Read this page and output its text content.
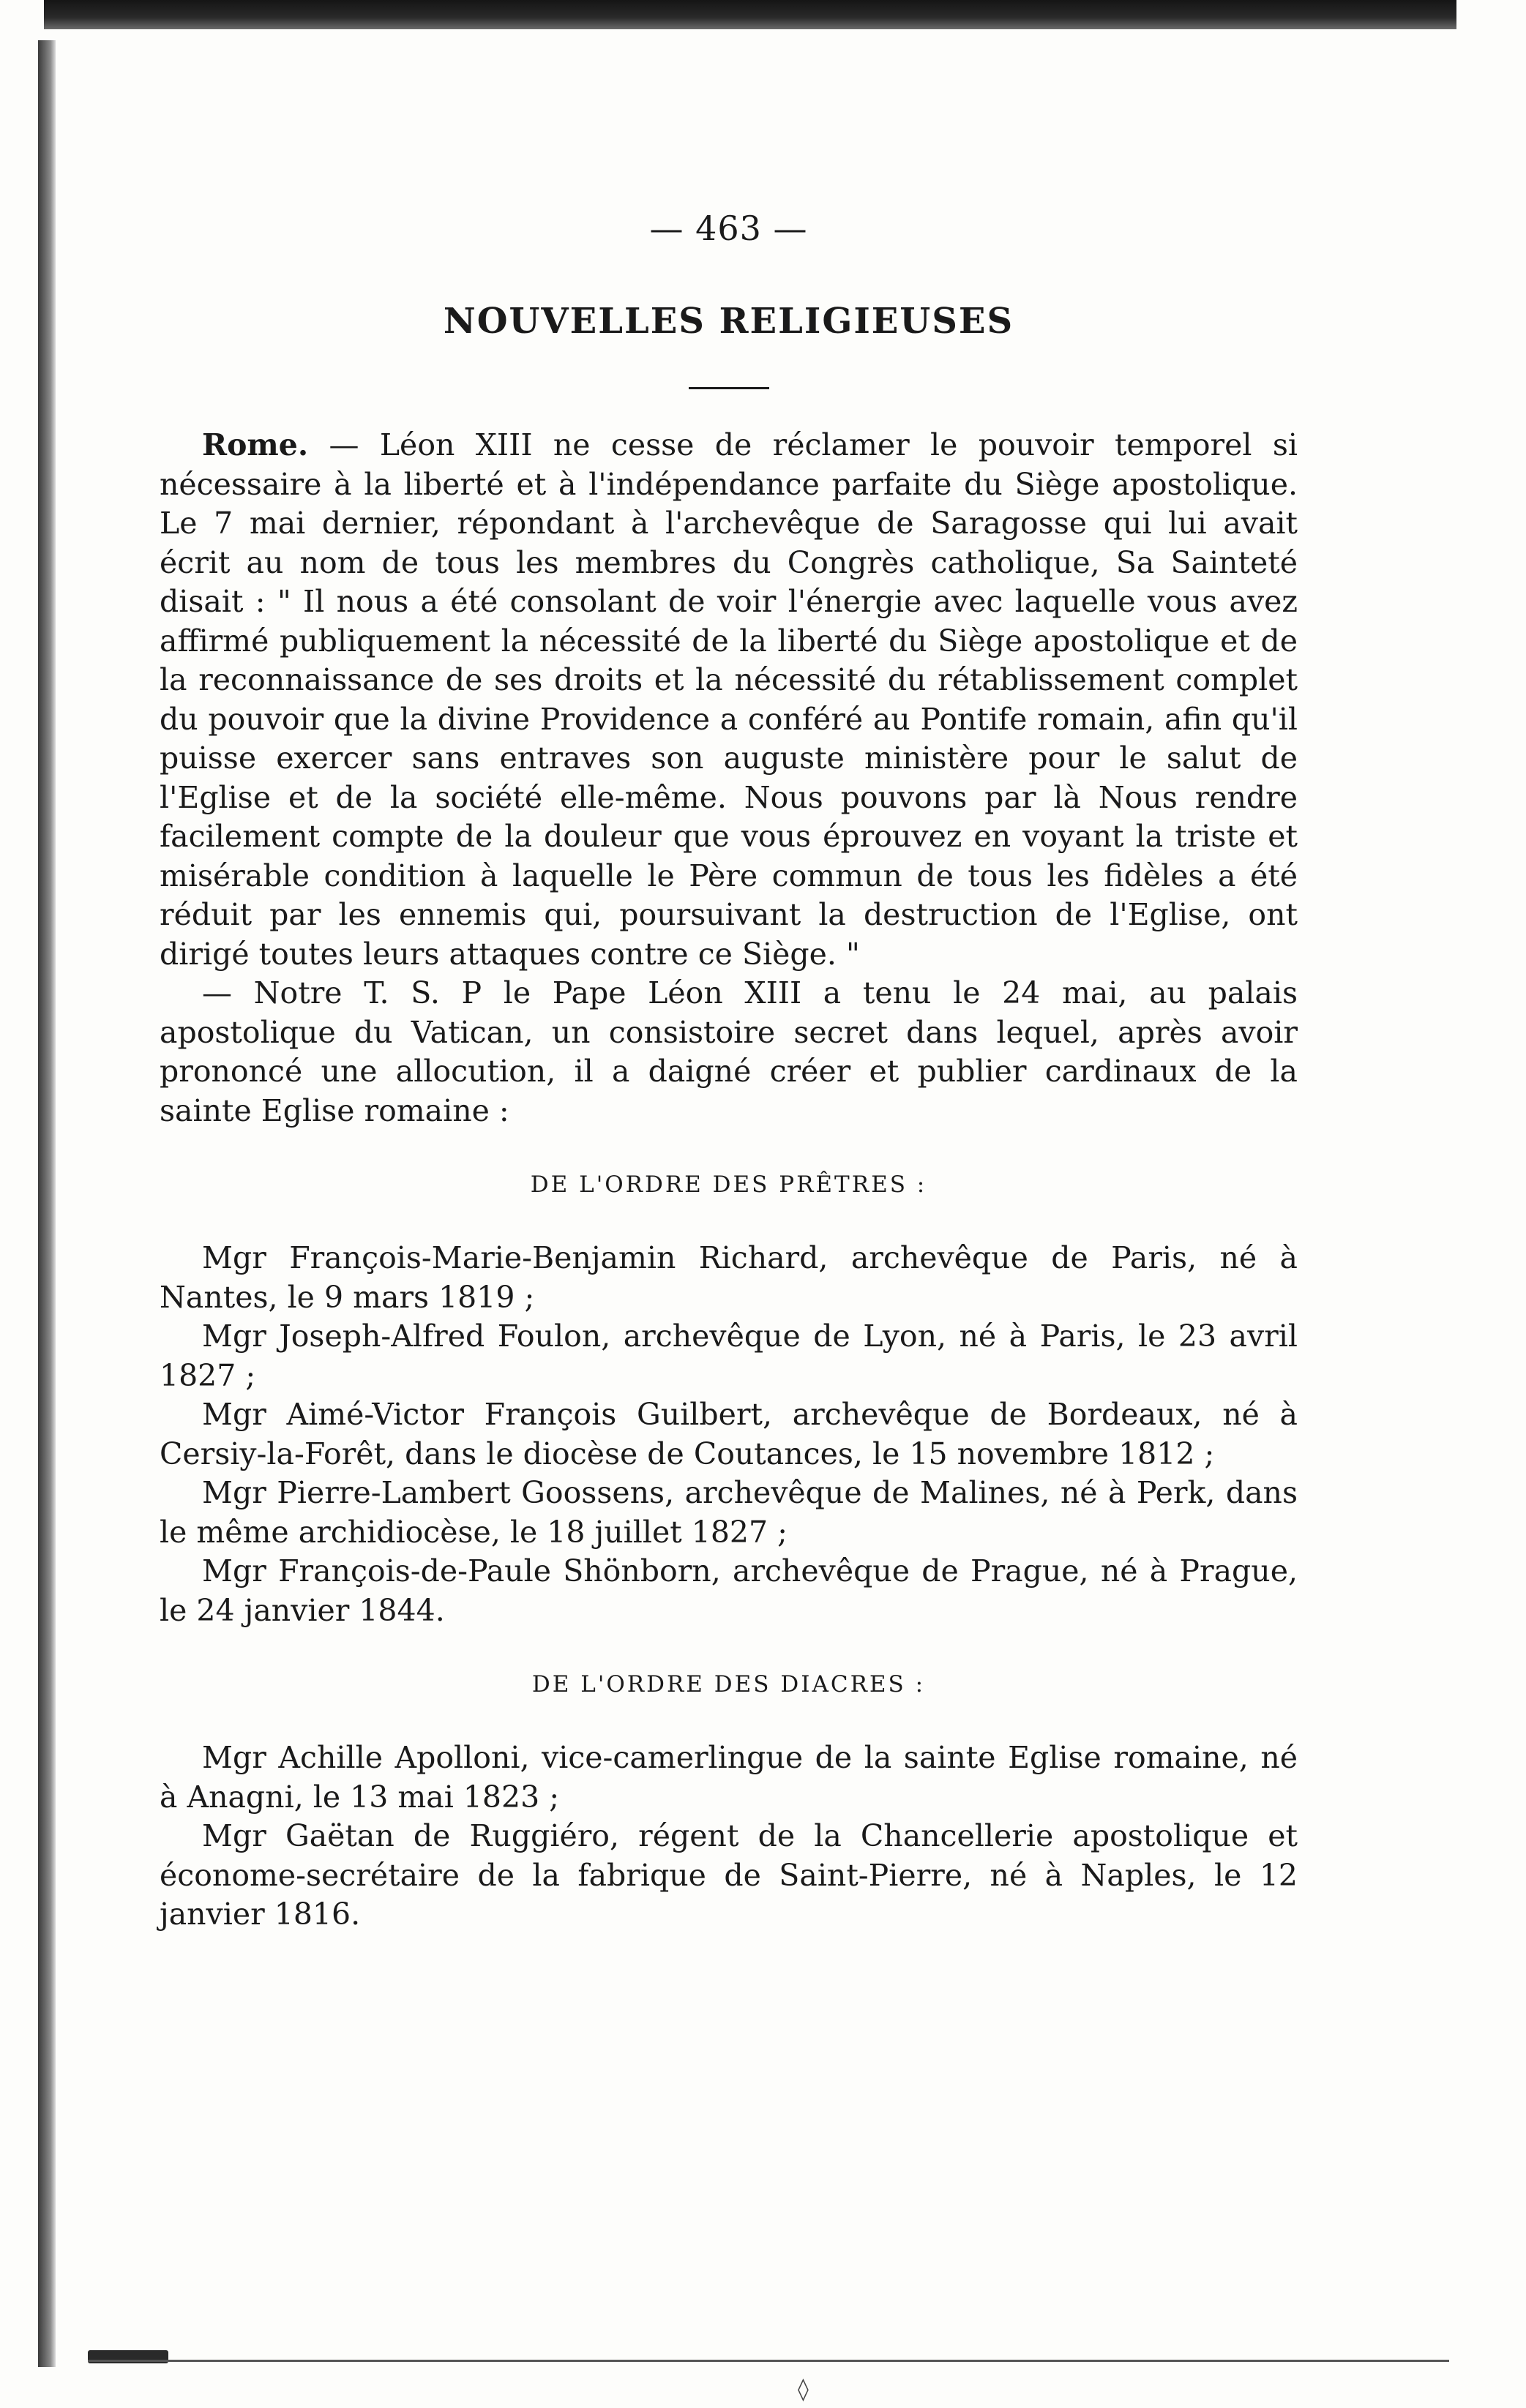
— 463 —
NOUVELLES RELIGIEUSES

Rome. — Léon XIII ne cesse de réclamer le pouvoir temporel si nécessaire à la liberté et à l'indépendance parfaite du Siège apostolique. Le 7 mai dernier, répondant à l'archevêque de Saragosse qui lui avait écrit au nom de tous les membres du Congrès catholique, Sa Sainteté disait : " Il nous a été consolant de voir l'énergie avec laquelle vous avez affirmé publiquement la nécessité de la liberté du Siège apostolique et de la reconnaissance de ses droits et la nécessité du rétablissement complet du pouvoir que la divine Providence a conféré au Pontife romain, afin qu'il puisse exercer sans entraves son auguste ministère pour le salut de l'Eglise et de la société elle-même. Nous pouvons par là Nous rendre facilement compte de la douleur que vous éprouvez en voyant la triste et misérable condition à laquelle le Père commun de tous les fidèles a été réduit par les ennemis qui, poursuivant la destruction de l'Eglise, ont dirigé toutes leurs attaques contre ce Siège. "

— Notre T. S. P le Pape Léon XIII a tenu le 24 mai, au palais apostolique du Vatican, un consistoire secret dans lequel, après avoir prononcé une allocution, il a daigné créer et publier cardinaux de la sainte Eglise romaine :

DE L'ORDRE DES PRÊTRES :

Mgr François-Marie-Benjamin Richard, archevêque de Paris, né à Nantes, le 9 mars 1819 ;

Mgr Joseph-Alfred Foulon, archevêque de Lyon, né à Paris, le 23 avril 1827 ;

Mgr Aimé-Victor François Guilbert, archevêque de Bordeaux, né à Cersiy-la-Forêt, dans le diocèse de Coutances, le 15 novembre 1812 ;

Mgr Pierre-Lambert Goossens, archevêque de Malines, né à Perk, dans le même archidiocèse, le 18 juillet 1827 ;

Mgr François-de-Paule Shönborn, archevêque de Prague, né à Prague, le 24 janvier 1844.

DE L'ORDRE DES DIACRES :

Mgr Achille Apolloni, vice-camerlingue de la sainte Eglise romaine, né à Anagni, le 13 mai 1823 ;

Mgr Gaëtan de Ruggiéro, régent de la Chancellerie apostolique et économe-secrétaire de la fabrique de Saint-Pierre, né à Naples, le 12 janvier 1816.

◊
